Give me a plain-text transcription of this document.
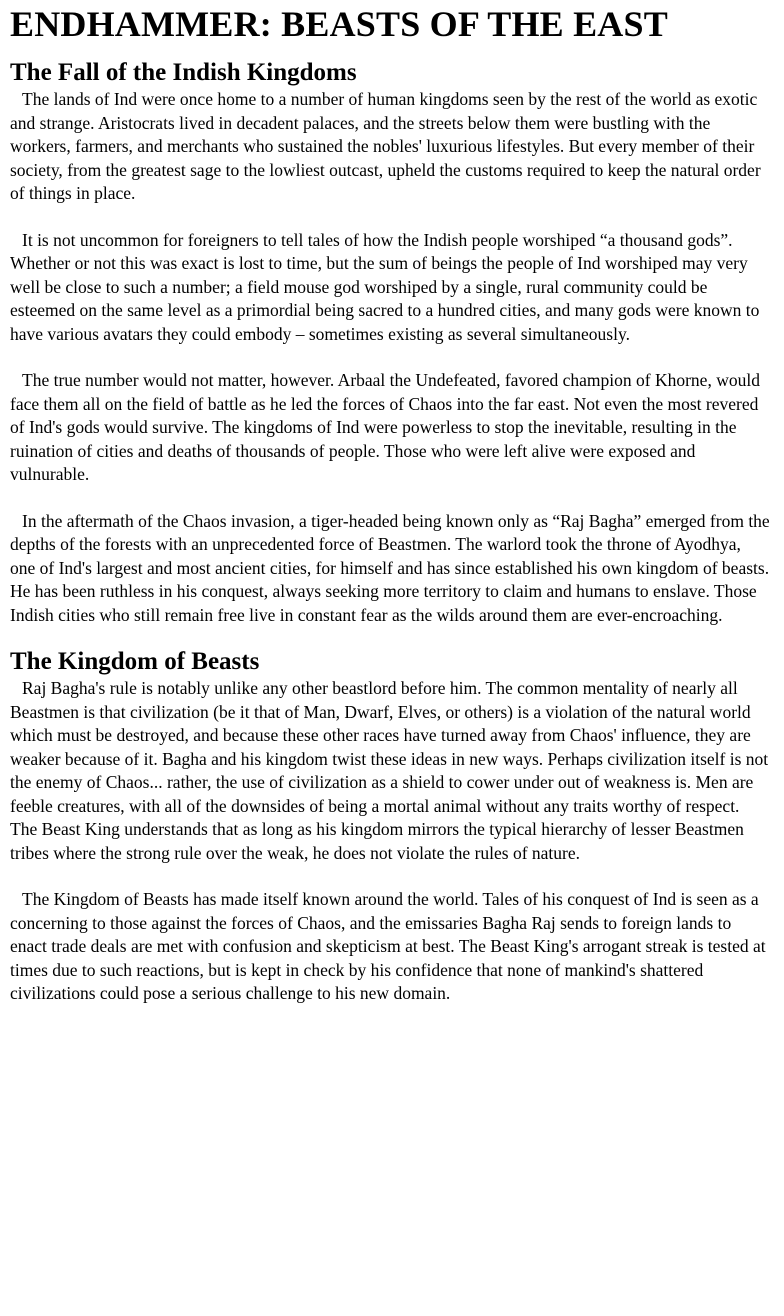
ENDHAMMER: BEASTS OF THE EAST
The Fall of the Indish Kingdoms

The lands of Ind were once home to a number of human kingdoms seen by the rest of the world as exotic and strange. Aristocrats lived in decadent palaces, and the streets below them were bustling with the workers, farmers, and merchants who sustained the nobles' luxurious lifestyles. But every member of their society, from the greatest sage to the lowliest outcast, upheld the customs required to keep the natural order of things in place.

It is not uncommon for foreigners to tell tales of how the Indish people worshiped “a thousand gods”. Whether or not this was exact is lost to time, but the sum of beings the people of Ind worshiped may very well be close to such a number; a field mouse god worshiped by a single, rural community could be esteemed on the same level as a primordial being sacred to a hundred cities, and many gods were known to have various avatars they could embody – sometimes existing as several simultaneously.

The true number would not matter, however. Arbaal the Undefeated, favored champion of Khorne, would face them all on the field of battle as he led the forces of Chaos into the far east. Not even the most revered of Ind's gods would survive. The kingdoms of Ind were powerless to stop the inevitable, resulting in the ruination of cities and deaths of thousands of people. Those who were left alive were exposed and vulnurable.

In the aftermath of the Chaos invasion, a tiger-headed being known only as “Raj Bagha” emerged from the depths of the forests with an unprecedented force of Beastmen. The warlord took the throne of Ayodhya, one of Ind's largest and most ancient cities, for himself and has since established his own kingdom of beasts. He has been ruthless in his conquest, always seeking more territory to claim and humans to enslave. Those Indish cities who still remain free live in constant fear as the wilds around them are ever-encroaching.

The Kingdom of Beasts

Raj Bagha's rule is notably unlike any other beastlord before him. The common mentality of nearly all Beastmen is that civilization (be it that of Man, Dwarf, Elves, or others) is a violation of the natural world which must be destroyed, and because these other races have turned away from Chaos' influence, they are weaker because of it. Bagha and his kingdom twist these ideas in new ways. Perhaps civilization itself is not the enemy of Chaos... rather, the use of civilization as a shield to cower under out of weakness is. Men are feeble creatures, with all of the downsides of being a mortal animal without any traits worthy of respect. The Beast King understands that as long as his kingdom mirrors the typical hierarchy of lesser Beastmen tribes where the strong rule over the weak, he does not violate the rules of nature.

The Kingdom of Beasts has made itself known around the world. Tales of his conquest of Ind is seen as a concerning to those against the forces of Chaos, and the emissaries Bagha Raj sends to foreign lands to enact trade deals are met with confusion and skepticism at best. The Beast King's arrogant streak is tested at times due to such reactions, but is kept in check by his confidence that none of mankind's shattered civilizations could pose a serious challenge to his new domain.
